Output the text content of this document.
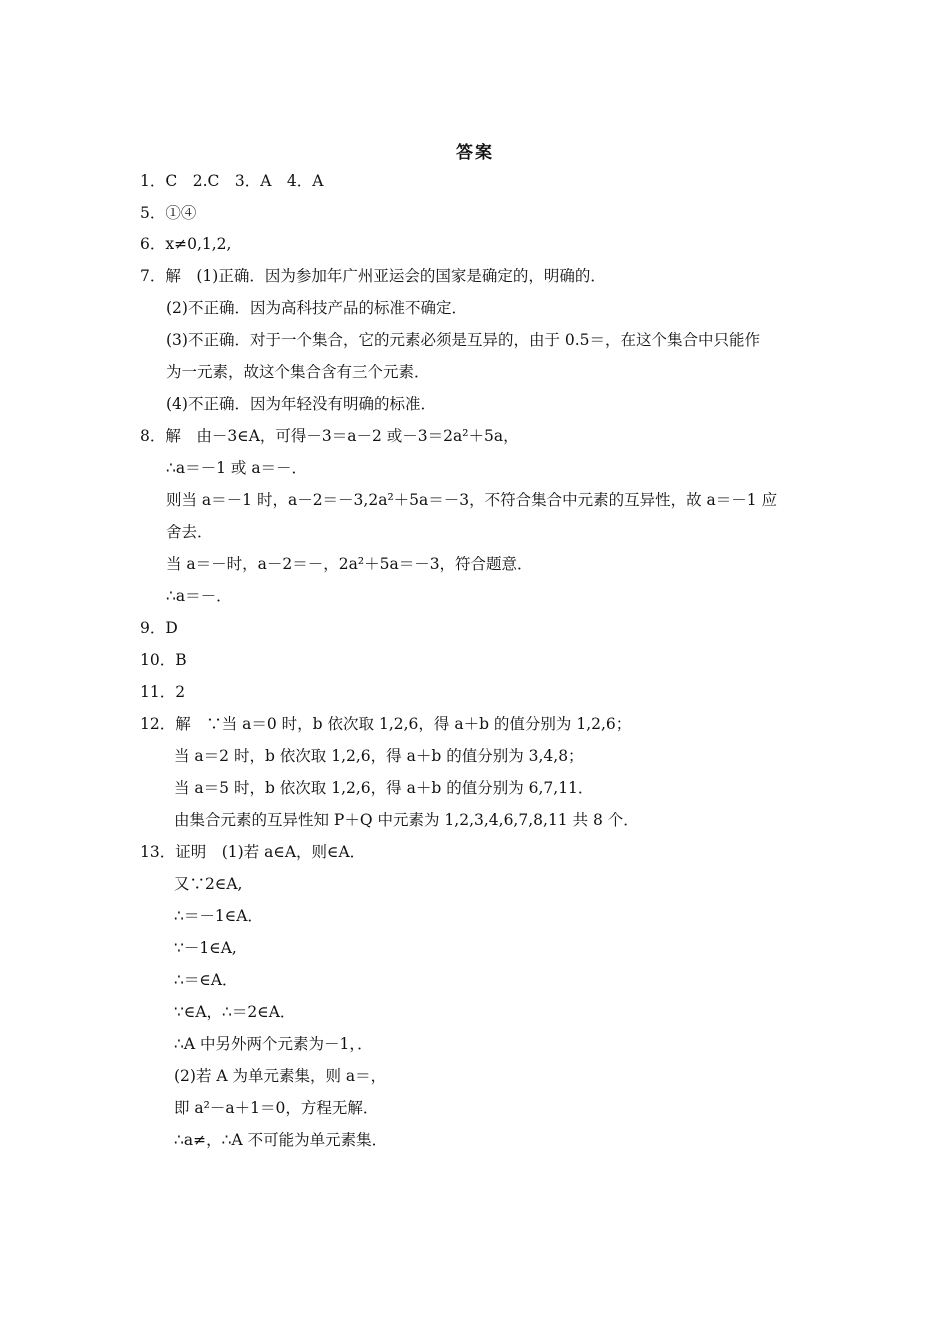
答案
1．C　2.C　3．A　4．A
5．①④
6．x≠0,1,2,
7．解　(1)正确．因为参加年广州亚运会的国家是确定的，明确的．
(2)不正确．因为高科技产品的标准不确定．
(3)不正确．对于一个集合，它的元素必须是互异的，由于 0.5＝，在这个集合中只能作
为一元素，故这个集合含有三个元素．
(4)不正确．因为年轻没有明确的标准．
8．解　由－3∈A，可得－3＝a－2 或－3＝2a²＋5a，
∴a＝－1 或 a＝－．
则当 a＝－1 时，a－2＝－3,2a²＋5a＝－3，不符合集合中元素的互异性，故 a＝－1 应
舍去．
当 a＝－时，a－2＝－，2a²＋5a＝－3，符合题意．
∴a＝－．
9．D
10．B
11．2
12．解　∵当 a＝0 时，b 依次取 1,2,6，得 a＋b 的值分别为 1,2,6；
当 a＝2 时，b 依次取 1,2,6，得 a＋b 的值分别为 3,4,8；
当 a＝5 时，b 依次取 1,2,6，得 a＋b 的值分别为 6,7,11．
由集合元素的互异性知 P＋Q 中元素为 1,2,3,4,6,7,8,11 共 8 个．
13．证明　(1)若 a∈A，则∈A．
又∵2∈A,
∴＝－1∈A．
∵－1∈A,
∴＝∈A．
∵∈A，∴＝2∈A．
∴A 中另外两个元素为－1，．
(2)若 A 为单元素集，则 a＝，
即 a²－a＋1＝0，方程无解．
∴a≠，∴A 不可能为单元素集．
